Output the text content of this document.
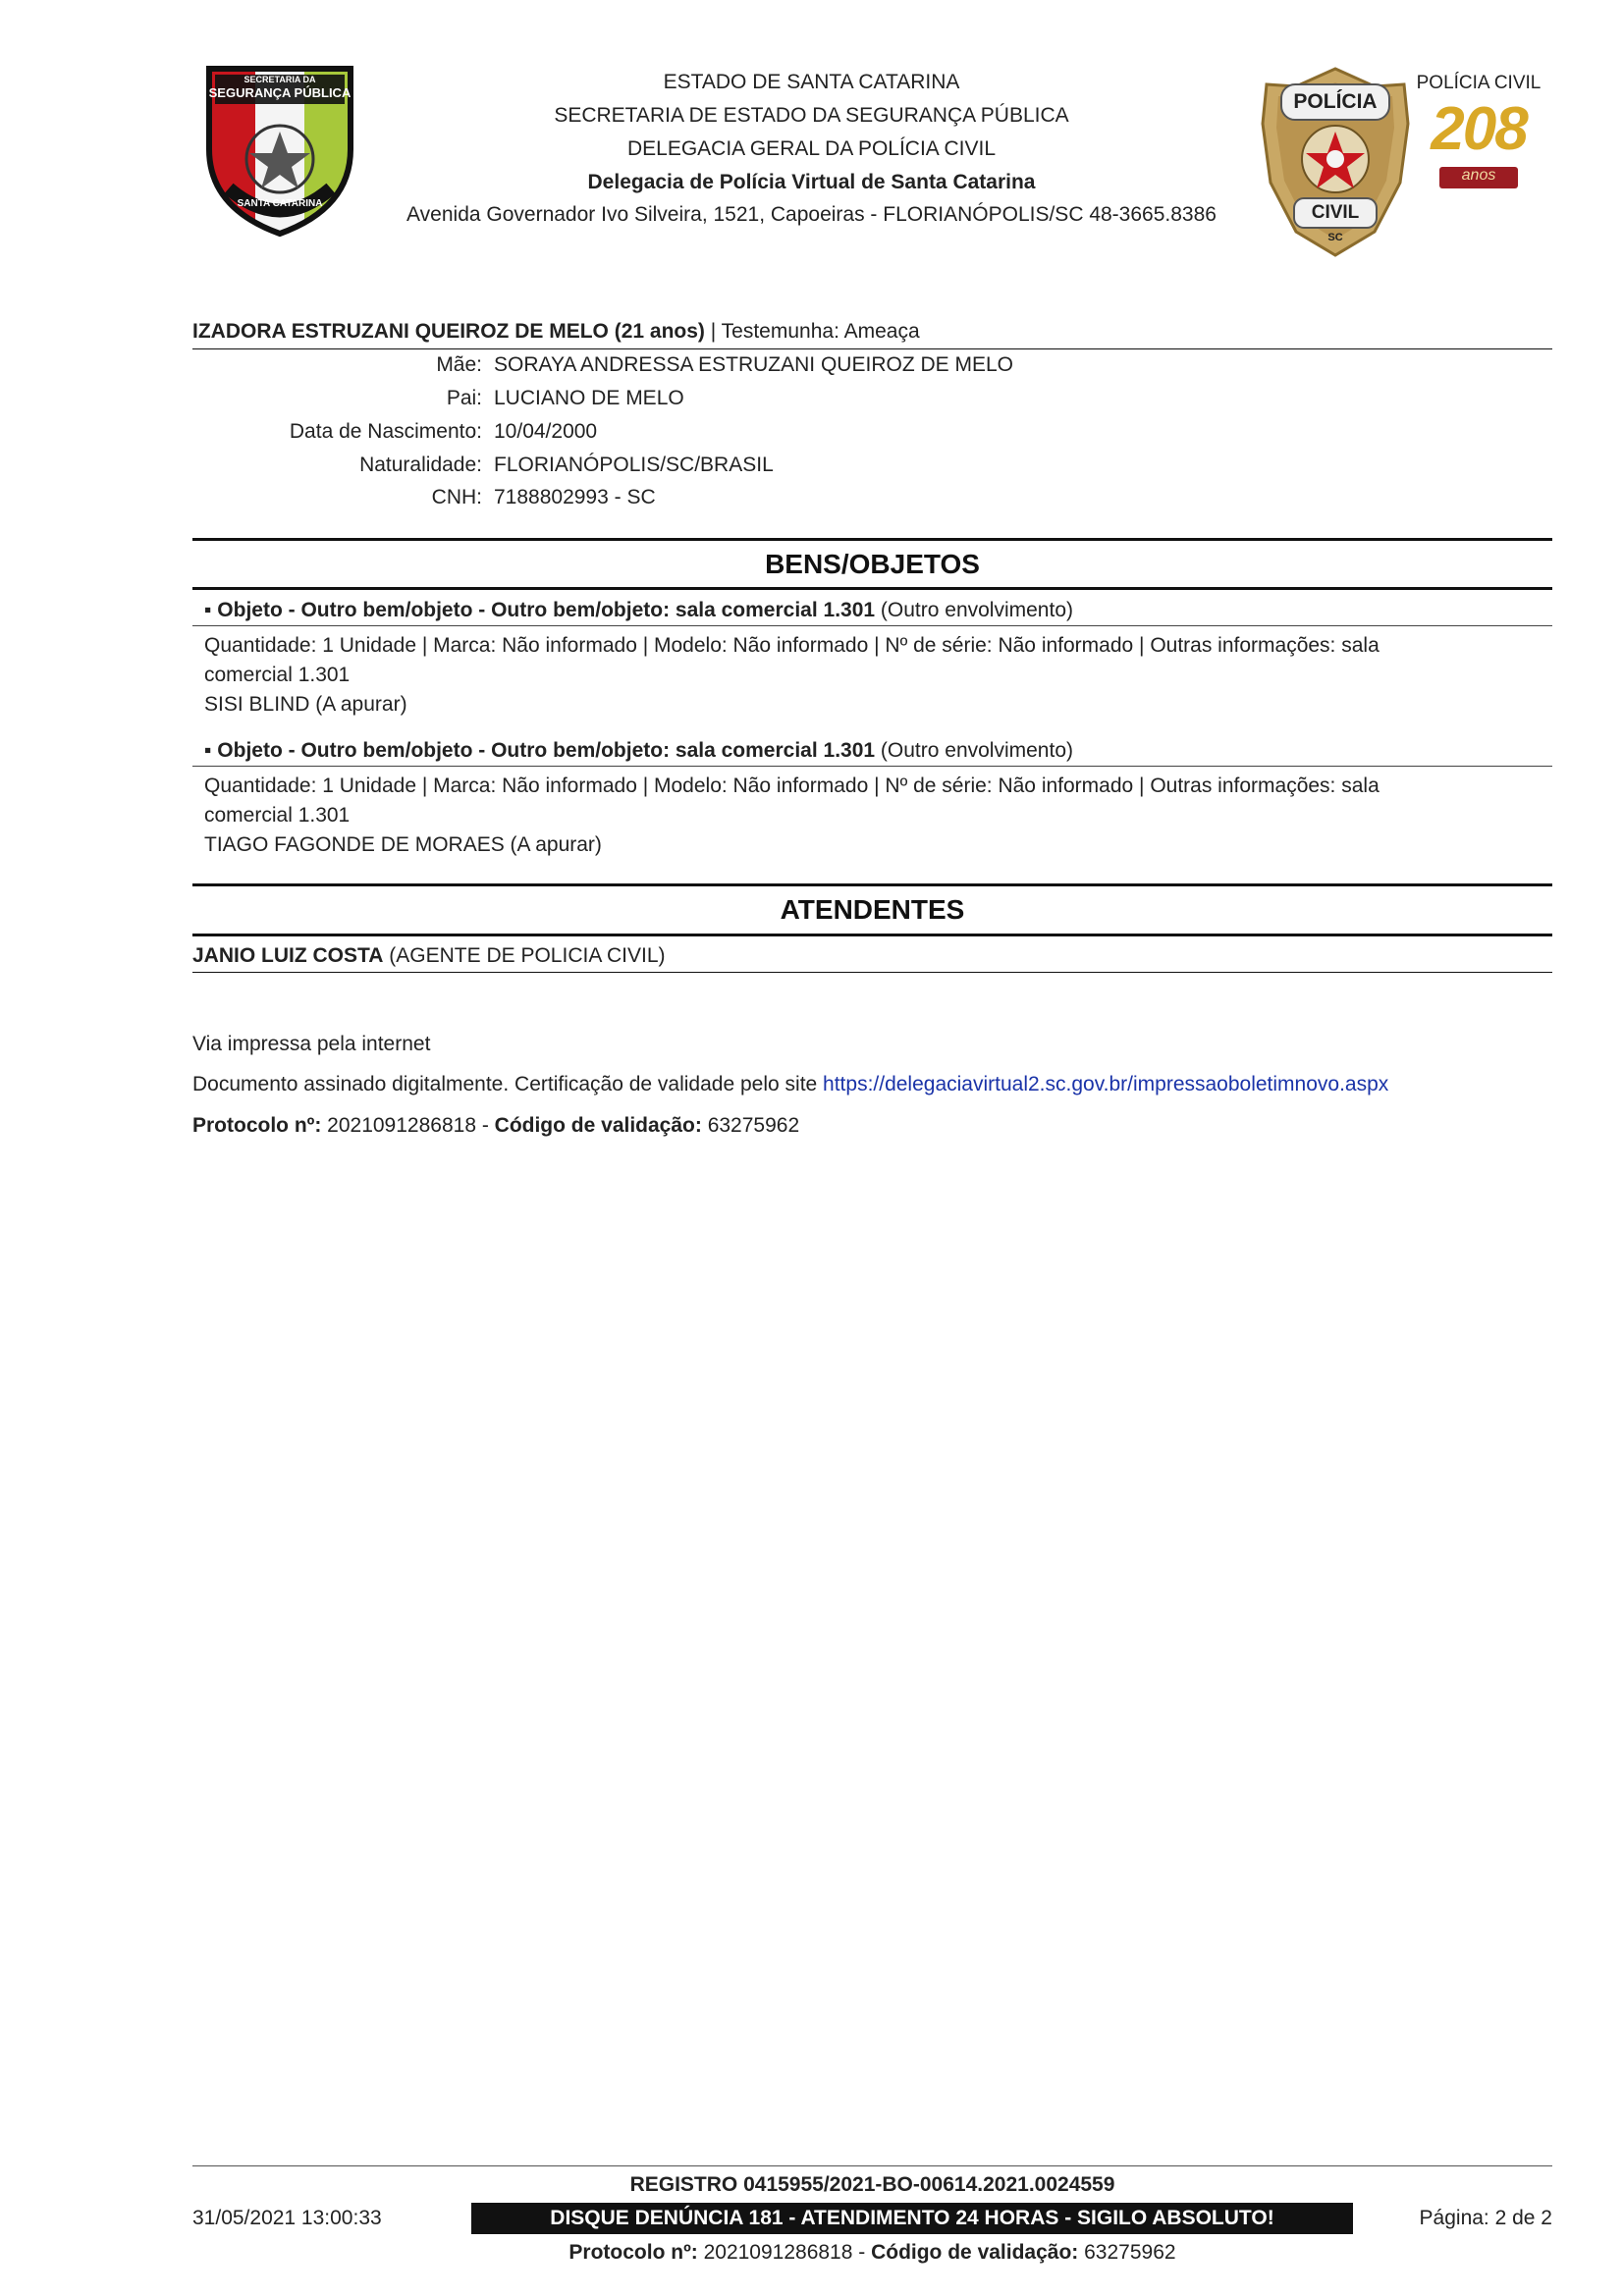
SECRETARIA DA
SEGURANÇA PÚBLICA
SANTA CATARINA
ESTADO DE SANTA CATARINA
SECRETARIA DE ESTADO DA SEGURANÇA PÚBLICA
DELEGACIA GERAL DA POLÍCIA CIVIL
Delegacia de Polícia Virtual de Santa Catarina
Avenida Governador Ivo Silveira, 1521, Capoeiras - FLORIANÓPOLIS/SC 48-3665.8386
POLÍCIA
CIVIL
SC
POLÍCIA CIVIL
208
anos
IZADORA ESTRUZANI QUEIROZ DE MELO (21 anos) | Testemunha: Ameaça
Mãe: SORAYA ANDRESSA ESTRUZANI QUEIROZ DE MELO
Pai: LUCIANO DE MELO
Data de Nascimento: 10/04/2000
Naturalidade: FLORIANÓPOLIS/SC/BRASIL
CNH: 7188802993 - SC
BENS/OBJETOS
▪ Objeto - Outro bem/objeto - Outro bem/objeto: sala comercial 1.301 (Outro envolvimento)
Quantidade: 1 Unidade | Marca: Não informado | Modelo: Não informado | Nº de série: Não informado | Outras informações: sala
comercial 1.301
SISI BLIND (A apurar)
▪ Objeto - Outro bem/objeto - Outro bem/objeto: sala comercial 1.301 (Outro envolvimento)
Quantidade: 1 Unidade | Marca: Não informado | Modelo: Não informado | Nº de série: Não informado | Outras informações: sala
comercial 1.301
TIAGO FAGONDE DE MORAES (A apurar)
ATENDENTES
JANIO LUIZ COSTA (AGENTE DE POLICIA CIVIL)
Via impressa pela internet
Documento assinado digitalmente. Certificação de validade pelo site https://delegaciavirtual2.sc.gov.br/impressaoboletimnovo.aspx
Protocolo nº: 2021091286818 - Código de validação: 63275962
REGISTRO 0415955/2021-BO-00614.2021.0024559
31/05/2021 13:00:33	DISQUE DENÚNCIA 181 - ATENDIMENTO 24 HORAS - SIGILO ABSOLUTO!	Página: 2 de 2
Protocolo nº: 2021091286818 - Código de validação: 63275962
